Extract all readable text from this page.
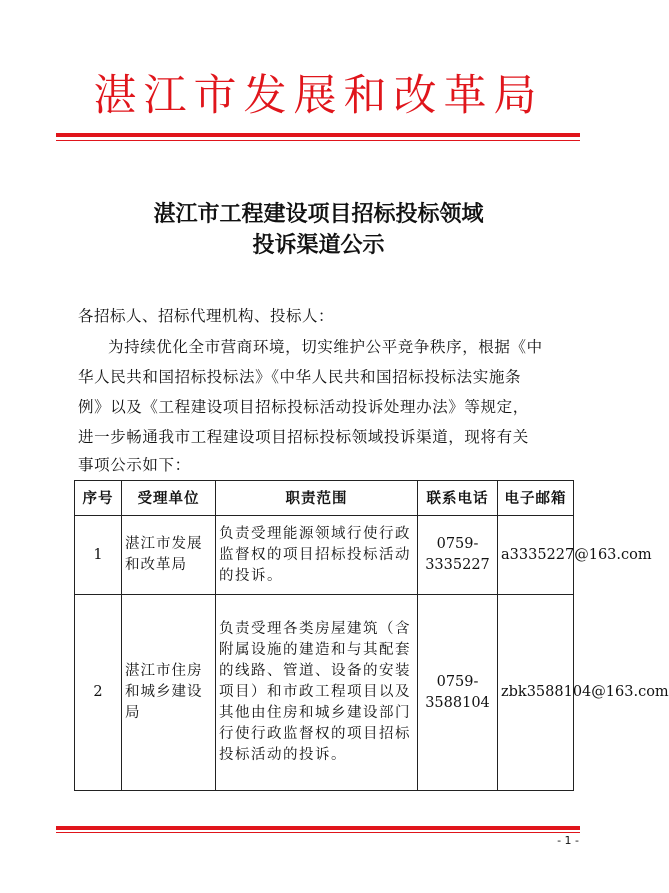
湛江市发展和改革局
湛江市工程建设项目招标投标领域
投诉渠道公示
各招标人、招标代理机构、投标人：
为持续优化全市营商环境，切实维护公平竞争秩序，根据《中
华人民共和国招标投标法》《中华人民共和国招标投标法实施条
例》以及《工程建设项目招标投标活动投诉处理办法》等规定，
进一步畅通我市工程建设项目招标投标领域投诉渠道，现将有关
事项公示如下：
序号	受理单位	职责范围	联系电话	电子邮箱
1	湛江市发展和改革局	负责受理能源领域行使行政监督权的项目招标投标活动的投诉。	0759-3335227	a3335227@163.com
2	湛江市住房和城乡建设局	负责受理各类房屋建筑（含附属设施的建造和与其配套的线路、管道、设备的安装项目）和市政工程项目以及其他由住房和城乡建设部门行使行政监督权的项目招标投标活动的投诉。	0759-3588104	zbk3588104@163.com
- 1 -
